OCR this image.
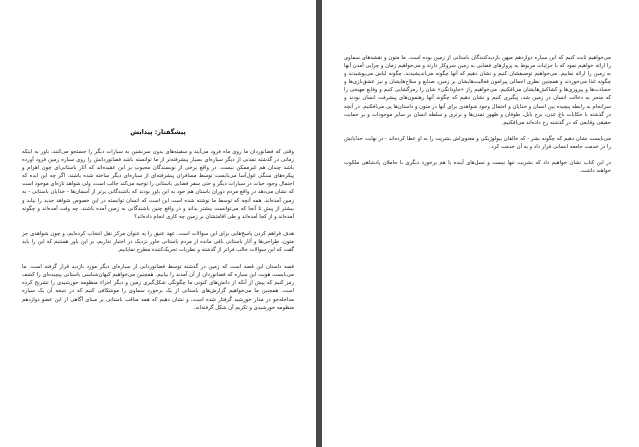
پیشگفتار: پیدایش

وقتی که فضانوردان ما روی ماه فرود می‌آیند و سفینه‌های بدون سرنشین به سیارات دیگر را جستجو می‌کنند، باور به اینکه زمانی در گذشته تمدنی از دیگر سیاره‌ای بسیار پیشرفته‌تر از ما توانسته باشد فضانوردانش را روی سیاره زمین فرود آورده باشد چندان هم غیرممکن نیست. در واقع برخی از نویسندگان محبوب بر این عقیده‌اند که آثار باستانی‌ای چون اهرام و پیکره‌های سنگی غول‌آسا می‌بایست توسط مسافران پیشرفته‌ای از سیاره‌ای دیگر ساخته شده باشند. اگر چه این ایده که احتمال وجود حیات در سیارات دیگر و حتی سفر فضایی باستانی را توجیه می‌کند جالب است، ولی شواهد تازه‌ای موجود است که نشان می‌دهد در واقع مردم دوران باستان هم خود به این باور بودند که باشندگانی برتر از آسمان‌ها - خدایان باستانی - به زمین آمده‌اند. همه آنچه که توسط ما نوشته شده است این است که انسان توانسته در این خصوص شواهد جدید را بیابد و بیشتر از پیش تا آنجا که می‌توانست بیشتر بداند و در واقع چنین باشندگانی به زمین آمده باشند. چه وقت آمده‌اند و چگونه آمده‌اند و از کجا آمده‌اند و طی اقامتشان بر زمین چه کاری انجام داده‌اند؟

هدف فراهم کردن پاسخ‌هایی برای این سوالات است. عهد عتیق را به عنوان مرکز نقل انتخاب کرده‌ایم، و چون شواهدی جز متون، طراحی‌ها و آثار باستانی باقی مانده از مردم باستانی خاور نزدیک در اختیار نداریم، بر این باور هستیم که این را باید گفت که این سوالات جالب فراتر از گذشته و نظریات تحریک‌کننده مطرح نمایانیم.

قصه داستان این قصه است که زمین در گذشته توسط فضانوردانی از سیاره‌ای دیگر مورد بازدید قرار گرفته است. ما می‌بایست هویت این سیاره که فضانوردان از آن آمدند را بیابیم. همچنین می‌خواهیم کیهان‌شناسی باستانی پیچیده‌ای را کشف رمز کنیم که پیش از آنکه از دانش‌های کنونی ما چگونگی شکل‌گیری زمین و دیگر اجزاء منظومه خورشیدی را تشریح کرده است. همچنین ما می‌خواهیم گزارش‌های باستانی از یک برخورد سماوی را موشکافی کنیم که در نتیجه آن یک سیاره مداخله‌جو در مدار خورشید گرفتار شده است، و نشان دهیم که همه مناقب باستانی بر مبنای آگاهی از این عضو دوازدهم منظومه خورشیدی و تکریم آن شکل گرفته‌اند.

می‌خواهیم ثابت کنیم که این سیاره دوازدهم میهن بازدیدکنندگان باستانی از زمین بوده است. ما متون و نقشه‌های سماوی را ارائه خواهیم نمود که با جزئیات مربوط به پروازهای فضایی به زمین سروکار دارند و می‌خواهیم زمان و چرایی آمدن آنها به زمین را ارائه نماییم. می‌خواهیم توصیفشان کنیم و نشان دهیم که آنها چگونه می‌اندیشیدند، چگونه لباس می‌پوشیدند و چگونه غذا می‌خوردند و همچنین نظری اجمالی پیرامون فعالیت‌هایشان بر زمین، صنایع و سلاح‌هایشان و نیز عشق‌بازی‌ها و حسادت‌ها و پیروزی‌ها و کشاکش‌هایشان می‌افکنیم. می‌خواهیم راز «جاودانگی» شان را رمزگشایی کنیم و وقایع مهیجی را که منجر به دخالت انسان در زمین شد، پیگیری کنیم و نشان دهیم که چگونه آنها رهنمون‌های پیشرفت انسان بودند و سرانجام به رابطه پیچیده بین انسان و خدایان و احتمال وجود شواهدی برای آنها در متون و داستان‌ها پی می‌افکنیم. در آنچه در گذشته با حکایات باغ عدن، برج بابل، طوفان و ظهور تمدن‌ها و برتری و سلطه انسان بر سایر موجودات و بر حمایت حقیقی وقایعی که در گذشته رخ داده‌اند می‌افکنیم.

می‌بایست نشان دهیم که چگونه بشر - که خالقان بیولوژیکی و معنوی‌اش بشریت را به او عطا کرده‌اند - در نهایت خدایانش را در خدمت جامعه انسانی قرار داد و به آن خدمت کرد.

در این کتاب نشان خواهیم داد که بشریت تنها نیست و نسل‌های آینده با هم برخورد دیگری با حاملان پادشاهی ملکوت خواهند داشت.
